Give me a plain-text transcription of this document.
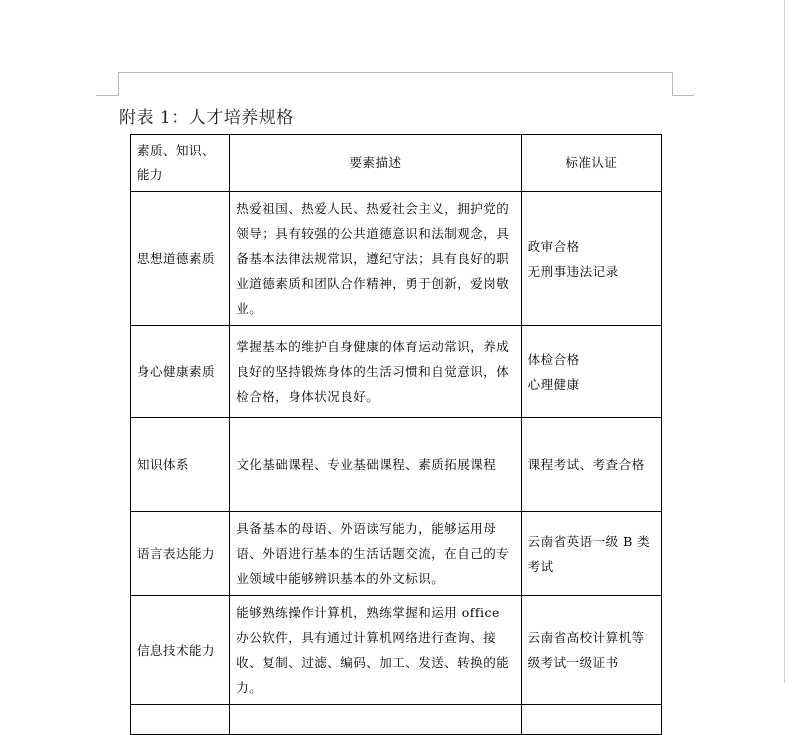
附表 1：人才培养规格
素质、知识、能力	要素描述	标准认证
思想道德素质	热爱祖国、热爱人民、热爱社会主义，拥护党的领导；具有较强的公共道德意识和法制观念，具备基本法律法规常识，遵纪守法；具有良好的职业道德素质和团队合作精神，勇于创新，爱岗敬业。	政审合格
无刑事违法记录

身心健康素质	掌握基本的维护自身健康的体育运动常识，养成良好的坚持锻炼身体的生活习惯和自觉意识，体检合格，身体状况良好。	体检合格
心理健康

知识体系	文化基础课程、专业基础课程、素质拓展课程	课程考试、考查合格

语言表达能力	具备基本的母语、外语读写能力，能够运用母语、外语进行基本的生活话题交流，在自己的专业领域中能够辨识基本的外文标识。	云南省英语一级 B 类考试

信息技术能力	能够熟练操作计算机，熟练掌握和运用 office 办公软件，具有通过计算机网络进行查询、接收、复制、过滤、编码、加工、发送、转换的能力。	云南省高校计算机等级考试一级证书
